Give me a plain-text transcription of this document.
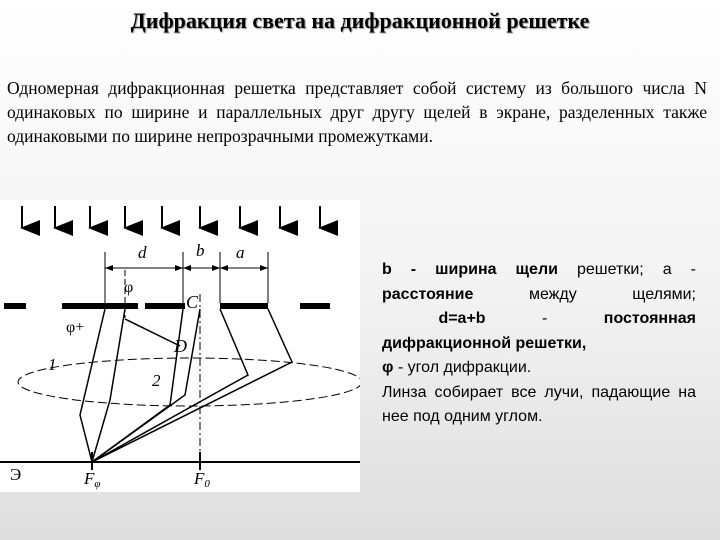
Дифракция света на дифракционной решетке
Одномерная дифракционная решетка представляет собой систему из большого числа N одинаковых по ширине и параллельных друг другу щелей в экране, разделенных также одинаковыми по ширине непрозрачными промежутками.
d	b a
φ
φ+
C
D
1
2
Э	Fφ	F0

b - ширина щели решетки; а -

расстояние между щелями;

d=a+b	-	постоянная

дифракционной решетки,

φ - угол дифракции.

Линза собирает все лучи, падающие на нее под одним углом.
